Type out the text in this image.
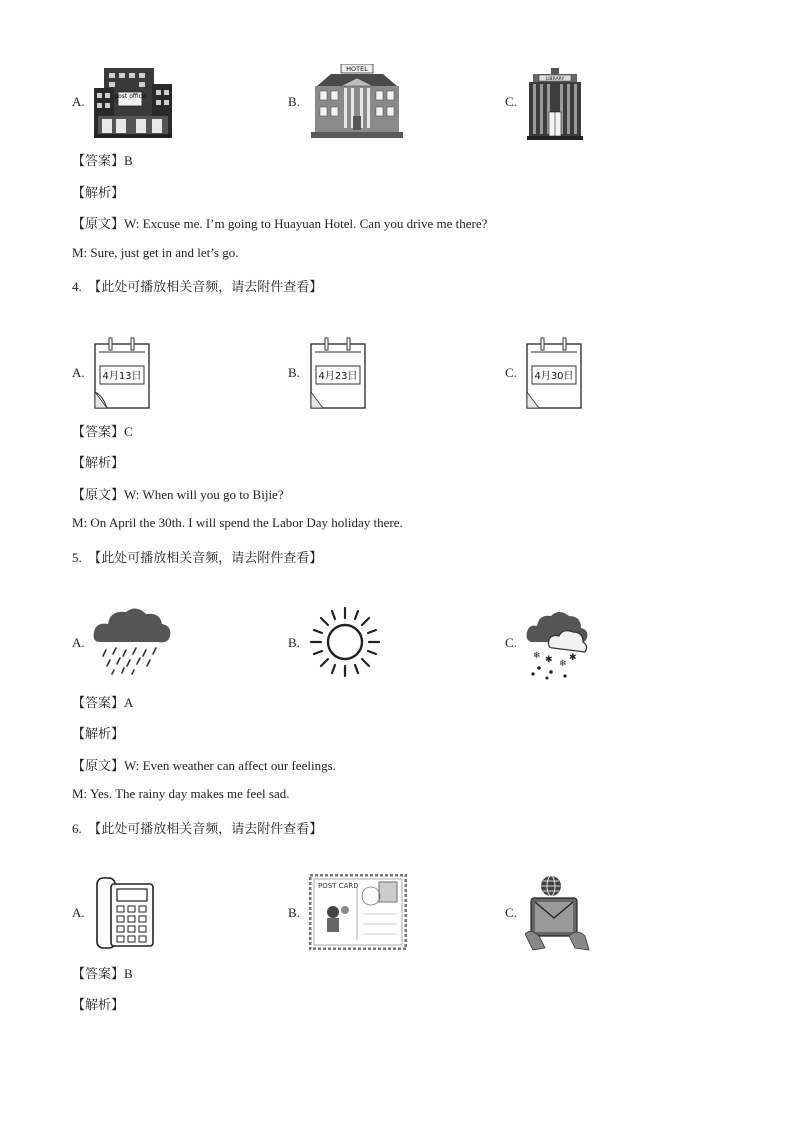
A.	post office	B.
HOTEL
C.
LIBRARY
【答案】B
【解析】
【原文】W: Excuse me. I’m going to Huayuan Hotel. Can you drive me there?
M: Sure, just get in and let’s go.
4. 【此处可播放相关音频，请去附件查看】
A. 4月13日	B. 4月23日	C. 4月30日
【答案】C
【解析】
【原文】W: When will you go to Bijie?
M: On April the 30th. I will spend the Labor Day holiday there.
5. 【此处可播放相关音频，请去附件查看】
A.	B.	C.
❄ ✱ ❄
✱
【答案】A
【解析】
【原文】W: Even weather can affect our feelings.
M: Yes. The rainy day makes me feel sad.
6. 【此处可播放相关音频，请去附件查看】
A.	B.
POST CARD
C.
【答案】B
【解析】
